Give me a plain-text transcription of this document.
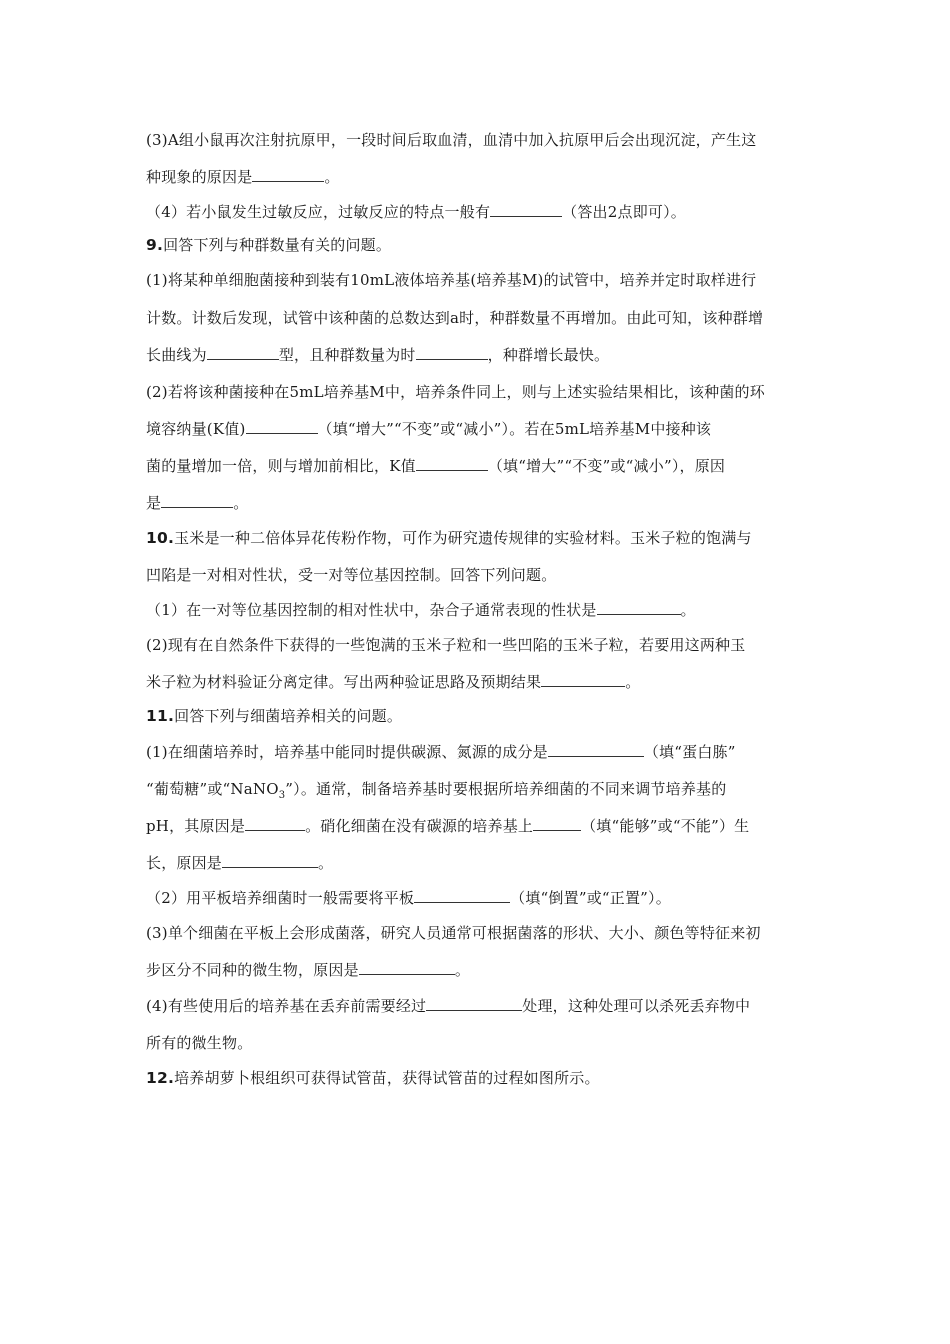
(3)A组小鼠再次注射抗原甲，一段时间后取血清，血清中加入抗原甲后会出现沉淀，产生这
种现象的原因是	。
（4）若小鼠发生过敏反应，过敏反应的特点一般有	（答出2点即可）。
9.回答下列与种群数量有关的问题。
(1)将某种单细胞菌接种到装有10mL液体培养基(培养基M)的试管中，培养并定时取样进行
计数。计数后发现，试管中该种菌的总数达到a时，种群数量不再增加。由此可知，该种群增
长曲线为	型，且种群数量为时	，种群增长最快。
(2)若将该种菌接种在5mL培养基M中，培养条件同上，则与上述实验结果相比，该种菌的环
境容纳量(K值)	（填“增大”“不变”或“减小”）。若在5mL培养基M中接种该
菌的量增加一倍，则与增加前相比，K值	（填“增大”“不变”或“减小”），原因
是	。
10.玉米是一种二倍体异花传粉作物，可作为研究遗传规律的实验材料。玉米子粒的饱满与
凹陷是一对相对性状，受一对等位基因控制。回答下列问题。
（1）在一对等位基因控制的相对性状中，杂合子通常表现的性状是	。
(2)现有在自然条件下获得的一些饱满的玉米子粒和一些凹陷的玉米子粒，若要用这两种玉
米子粒为材料验证分离定律。写出两种验证思路及预期结果	。
11.回答下列与细菌培养相关的问题。
(1)在细菌培养时，培养基中能同时提供碳源、氮源的成分是	（填“蛋白胨”
“葡萄糖”或“NaNO$_3$”）。通常，制备培养基时要根据所培养细菌的不同来调节培养基的
pH，其原因是	。硝化细菌在没有碳源的培养基上	（填“能够”或“不能”）生
长，原因是	。
（2）用平板培养细菌时一般需要将平板	（填“倒置”或“正置”）。
(3)单个细菌在平板上会形成菌落，研究人员通常可根据菌落的形状、大小、颜色等特征来初
步区分不同种的微生物，原因是	。
(4)有些使用后的培养基在丢弃前需要经过	处理，这种处理可以杀死丢弃物中
所有的微生物。
12.培养胡萝卜根组织可获得试管苗，获得试管苗的过程如图所示。
